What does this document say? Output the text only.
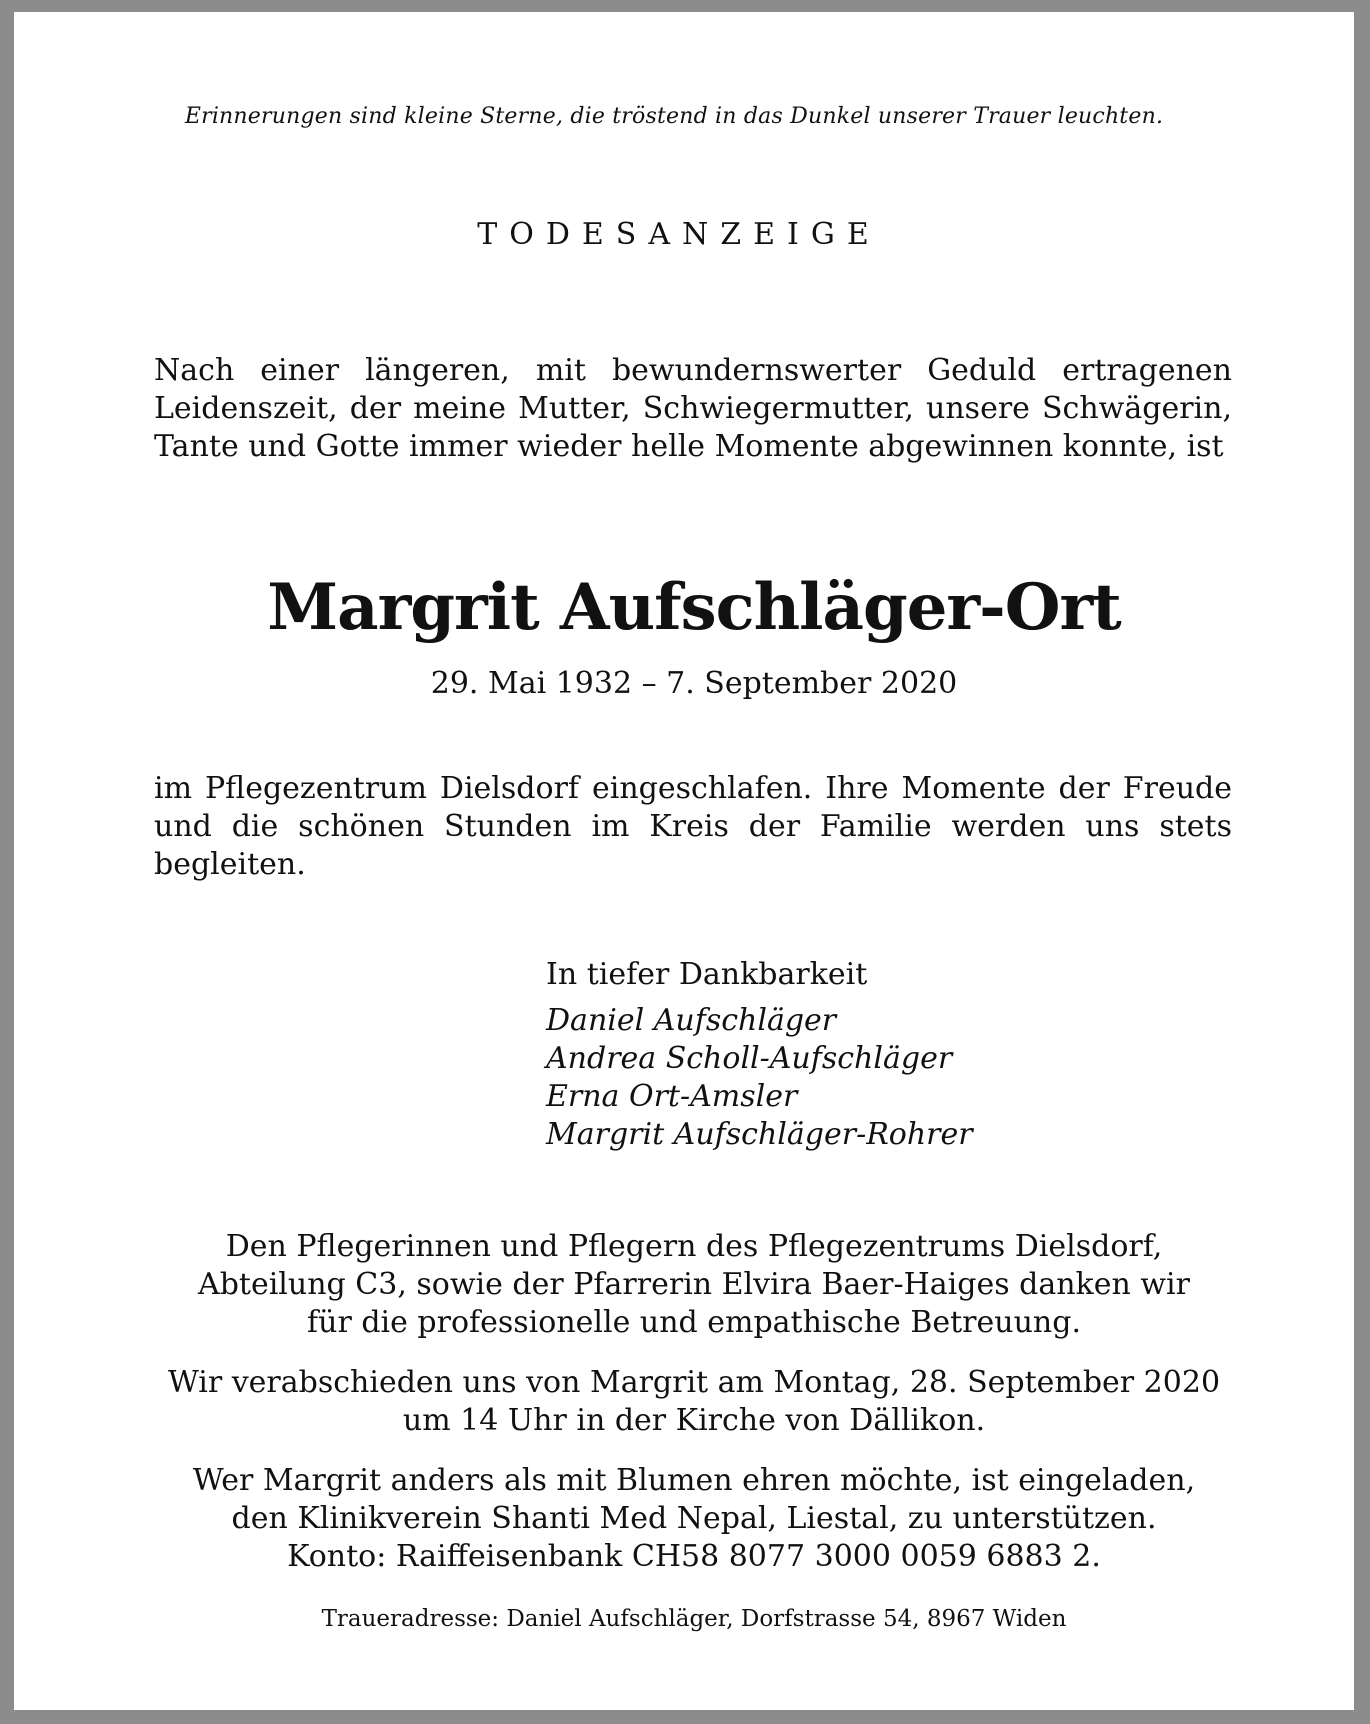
Erinnerungen sind kleine Sterne, die tröstend in das Dunkel unserer Trauer leuchten.
TODESANZEIGE
Nach einer längeren, mit bewundernswerter Geduld ertragenen Leidenszeit, der meine Mutter, Schwiegermutter, unsere Schwägerin, Tante und Gotte immer wieder helle Momente abgewinnen konnte, ist
Margrit Aufschläger-Ort
29. Mai 1932 – 7. September 2020
im Pflegezentrum Dielsdorf eingeschlafen. Ihre Momente der Freude und die schönen Stunden im Kreis der Familie werden uns stets begleiten.
In tiefer Dankbarkeit
Daniel Aufschläger
Andrea Scholl-Aufschläger
Erna Ort-Amsler
Margrit Aufschläger-Rohrer
Den Pflegerinnen und Pflegern des Pflegezentrums Dielsdorf,
Abteilung C3, sowie der Pfarrerin Elvira Baer-Haiges danken wir
für die professionelle und empathische Betreuung.
Wir verabschieden uns von Margrit am Montag, 28. September 2020
um 14 Uhr in der Kirche von Dällikon.
Wer Margrit anders als mit Blumen ehren möchte, ist eingeladen,
den Klinikverein Shanti Med Nepal, Liestal, zu unterstützen.
Konto: Raiffeisenbank CH58 8077 3000 0059 6883 2.
Traueradresse: Daniel Aufschläger, Dorfstrasse 54, 8967 Widen
